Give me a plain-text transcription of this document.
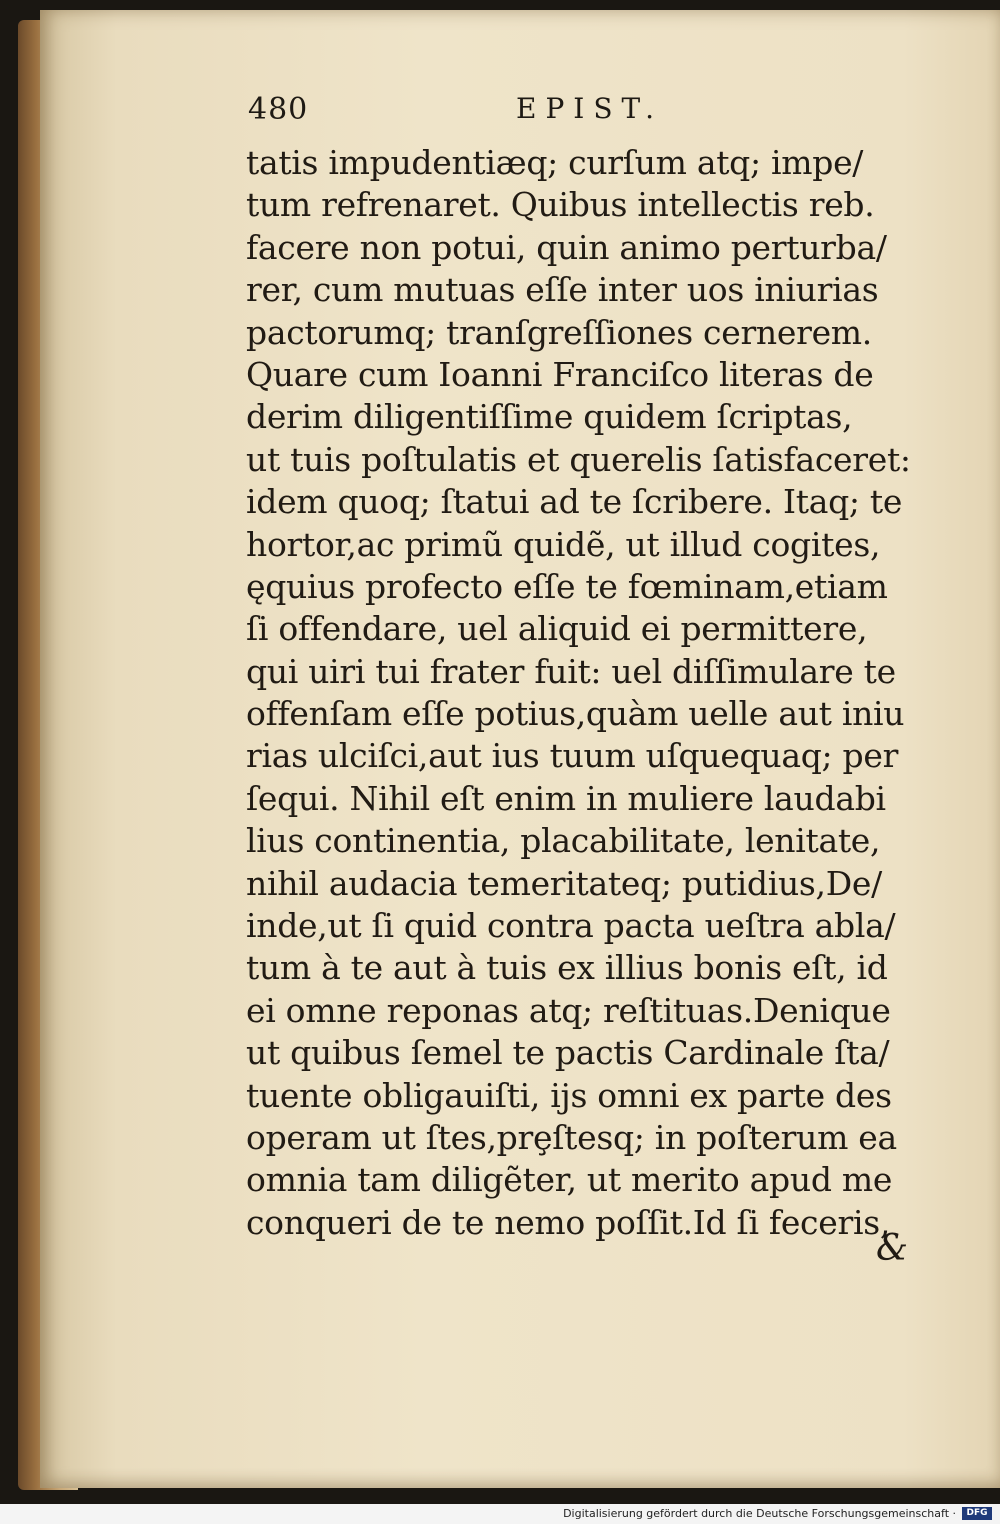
480	EPIST.
tatis impudentiæq; curſum atq; impe/
tum refrenaret. Quibus intellectis reb.
facere non potui, quin animo perturba/
rer, cum mutuas eſſe inter uos iniurias
pactorumq; tranſgreſſiones cernerem.
Quare cum Ioanni Franciſco literas de
derim diligentiſſime quidem ſcriptas,
ut tuis poſtulatis et querelis ſatisfaceret:
idem quoq; ſtatui ad te ſcribere. Itaq; te
hortor,ac primũ quidẽ, ut illud cogites,
ęquius profecto eſſe te fœminam,etiam
ſi offendare, uel aliquid ei permittere,
qui uiri tui frater fuit: uel diſſimulare te
offenſam eſſe potius,quàm uelle aut iniu
rias ulciſci,aut ius tuum uſquequaq; per
ſequi. Nihil eſt enim in muliere laudabi
lius continentia, placabilitate, lenitate,
nihil audacia temeritateq; putidius,De/
inde,ut ſi quid contra pacta ueſtra abla/
tum à te aut à tuis ex illius bonis eſt, id
ei omne reponas atq; reſtituas.Denique
ut quibus ſemel te pactis Cardinale ſta/
tuente obligauiſti, ijs omni ex parte des
operam ut ſtes,prȩſtesq; in poſterum ea
omnia tam diligẽter, ut merito apud me
conqueri de te nemo poſſit.Id ſi feceris,
&
Digitalisierung gefördert durch die Deutsche Forschungsgemeinschaft ·	DFG
